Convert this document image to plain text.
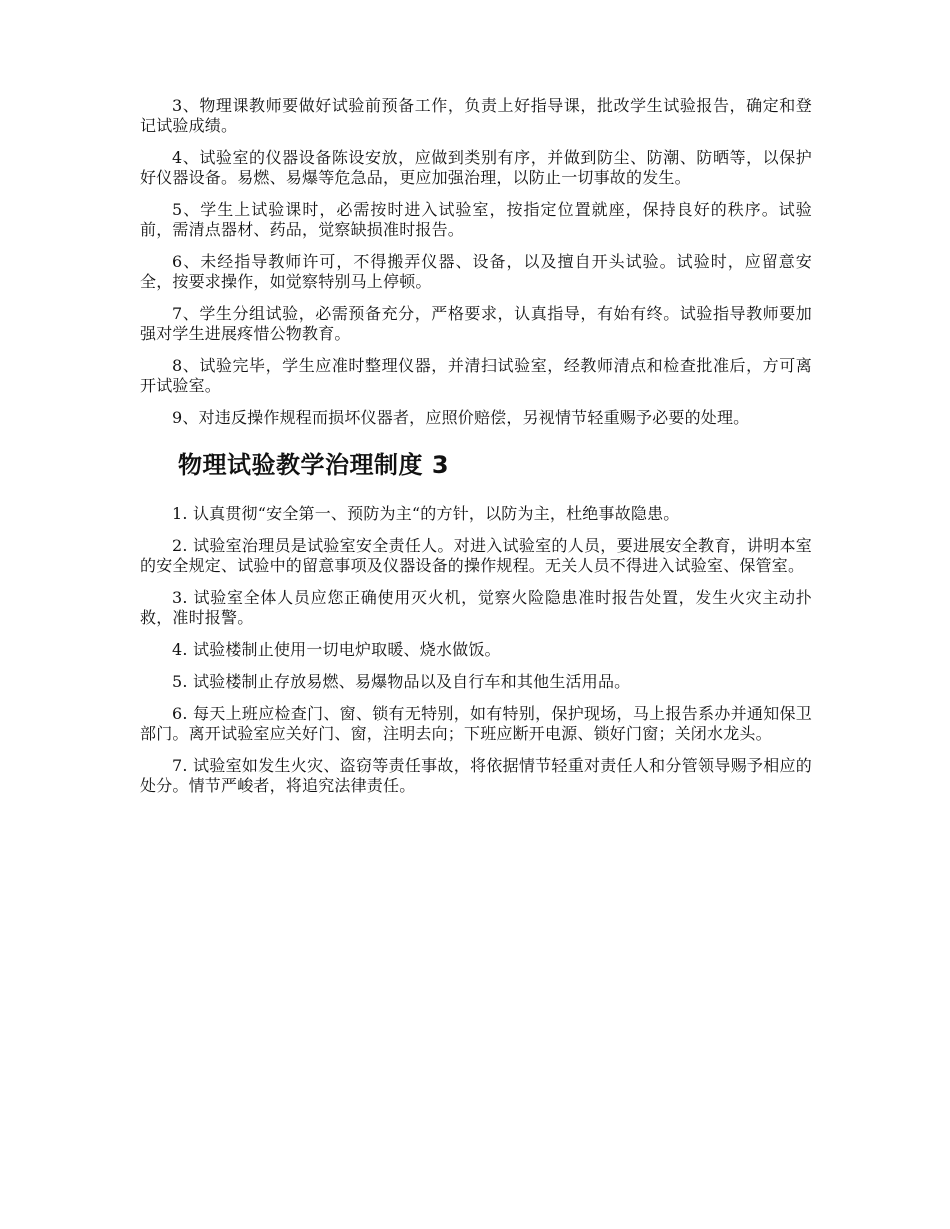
3、物理课教师要做好试验前预备工作，负责上好指导课，批改学生试验报告，确定和登记试验成绩。

4、试验室的仪器设备陈设安放，应做到类别有序，并做到防尘、防潮、防晒等，以保护好仪器设备。易燃、易爆等危急品，更应加强治理，以防止一切事故的发生。

5、学生上试验课时，必需按时进入试验室，按指定位置就座，保持良好的秩序。试验前，需清点器材、药品，觉察缺损准时报告。

6、未经指导教师许可，不得搬弄仪器、设备，以及擅自开头试验。试验时，应留意安全，按要求操作，如觉察特别马上停顿。

7、学生分组试验，必需预备充分，严格要求，认真指导，有始有终。试验指导教师要加强对学生进展疼惜公物教育。

8、试验完毕，学生应准时整理仪器，并清扫试验室，经教师清点和检查批准后，方可离开试验室。

9、对违反操作规程而损坏仪器者，应照价赔偿，另视情节轻重赐予必要的处理。

物理试验教学治理制度 3

1. 认真贯彻“安全第一、预防为主“的方针，以防为主，杜绝事故隐患。

2. 试验室治理员是试验室安全责任人。对进入试验室的人员，要进展安全教育，讲明本室的安全规定、试验中的留意事项及仪器设备的操作规程。无关人员不得进入试验室、保管室。

3. 试验室全体人员应您正确使用灭火机，觉察火险隐患准时报告处置，发生火灾主动扑救，准时报警。

4. 试验楼制止使用一切电炉取暖、烧水做饭。

5. 试验楼制止存放易燃、易爆物品以及自行车和其他生活用品。

6. 每天上班应检查门、窗、锁有无特别，如有特别，保护现场，马上报告系办并通知保卫部门。离开试验室应关好门、窗，注明去向；下班应断开电源、锁好门窗；关闭水龙头。

7. 试验室如发生火灾、盗窃等责任事故，将依据情节轻重对责任人和分管领导赐予相应的处分。情节严峻者，将追究法律责任。
